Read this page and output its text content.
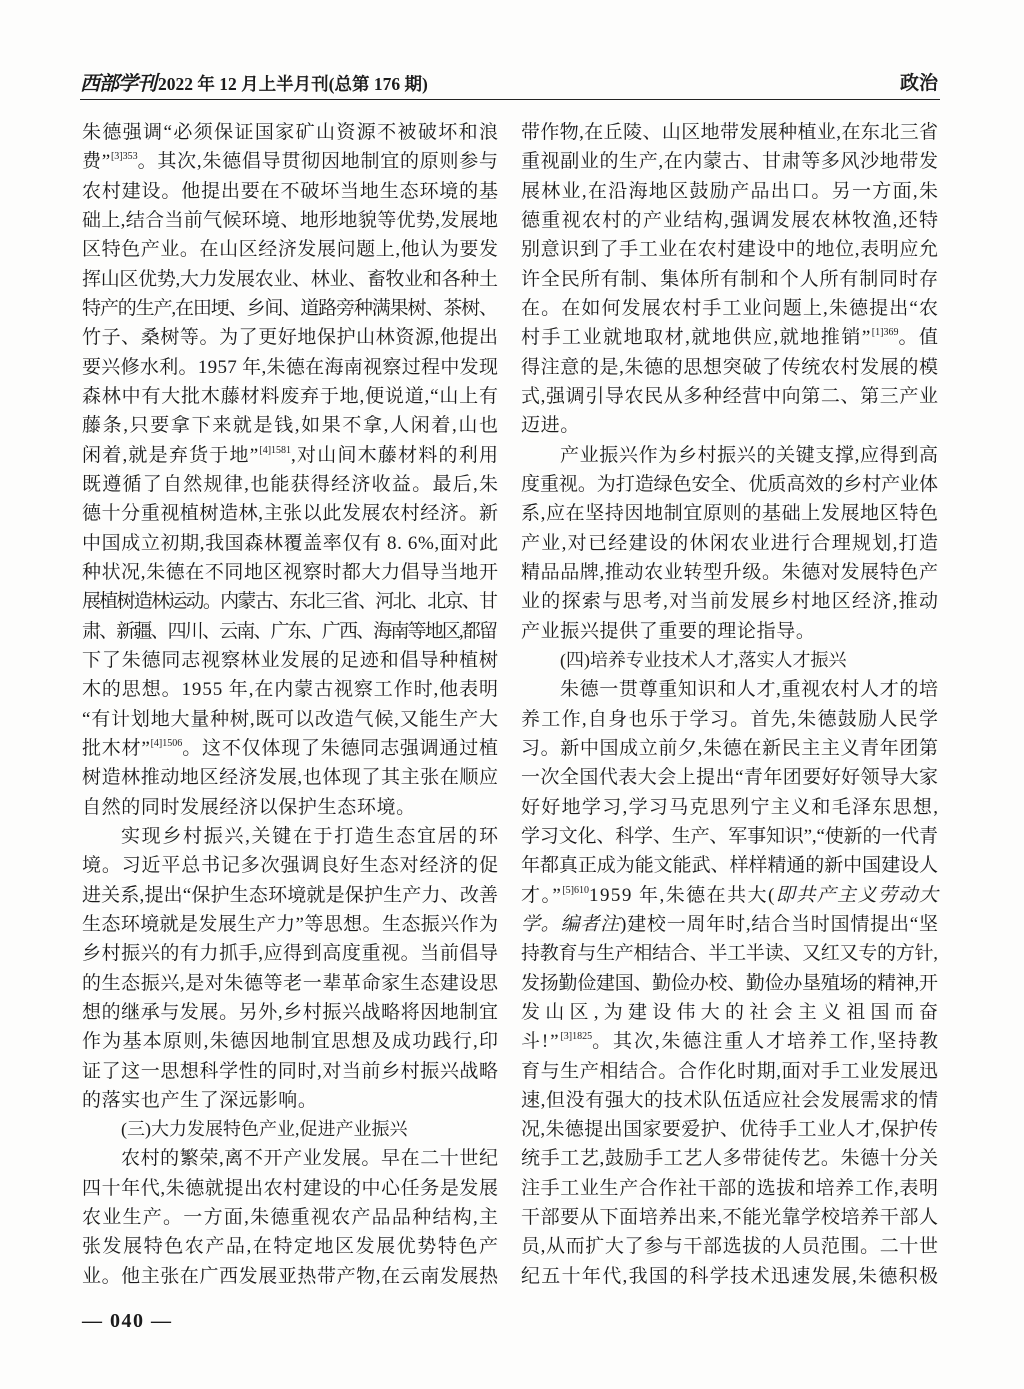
西部学刊 2022 年 12 月上半月刊(总第 176 期)	政治
朱德强调“必须保证国家矿山资源不被破坏和浪
费”$^{[3]353}$。其次,朱德倡导贯彻因地制宜的原则参与
农村建设。他提出要在不破坏当地生态环境的基
础上,结合当前气候环境、地形地貌等优势,发展地
区特色产业。在山区经济发展问题上,他认为要发
挥山区优势,大力发展农业、林业、畜牧业和各种土
特产的生产,在田埂、乡间、道路旁种满果树、茶树、
竹子、桑树等。为了更好地保护山林资源,他提出
要兴修水利。1957 年,朱德在海南视察过程中发现
森林中有大批木藤材料废弃于地,便说道,“山上有
藤条,只要拿下来就是钱,如果不拿,人闲着,山也
闲着,就是弃货于地”$^{[4]1581}$,对山间木藤材料的利用
既遵循了自然规律,也能获得经济收益。最后,朱
德十分重视植树造林,主张以此发展农村经济。新
中国成立初期,我国森林覆盖率仅有 8. 6%,面对此
种状况,朱德在不同地区视察时都大力倡导当地开
展植树造林运动。内蒙古、东北三省、河北、北京、甘
肃、新疆、四川、云南、广东、广西、海南等地区,都留
下了朱德同志视察林业发展的足迹和倡导种植树
木的思想。1955 年,在内蒙古视察工作时,他表明
“有计划地大量种树,既可以改造气候,又能生产大
批木材”$^{[4]1506}$。这不仅体现了朱德同志强调通过植
树造林推动地区经济发展,也体现了其主张在顺应
自然的同时发展经济以保护生态环境。
实现乡村振兴,关键在于打造生态宜居的环
境。习近平总书记多次强调良好生态对经济的促
进关系,提出“保护生态环境就是保护生产力、改善
生态环境就是发展生产力”等思想。生态振兴作为
乡村振兴的有力抓手,应得到高度重视。当前倡导
的生态振兴,是对朱德等老一辈革命家生态建设思
想的继承与发展。另外,乡村振兴战略将因地制宜
作为基本原则,朱德因地制宜思想及成功践行,印
证了这一思想科学性的同时,对当前乡村振兴战略
的落实也产生了深远影响。
(三)大力发展特色产业,促进产业振兴
农村的繁荣,离不开产业发展。早在二十世纪
四十年代,朱德就提出农村建设的中心任务是发展
农业生产。一方面,朱德重视农产品品种结构,主
张发展特色农产品,在特定地区发展优势特色产
业。他主张在广西发展亚热带产物,在云南发展热
带作物,在丘陵、山区地带发展种植业,在东北三省
重视副业的生产,在内蒙古、甘肃等多风沙地带发
展林业,在沿海地区鼓励产品出口。另一方面,朱
德重视农村的产业结构,强调发展农林牧渔,还特
别意识到了手工业在农村建设中的地位,表明应允
许全民所有制、集体所有制和个人所有制同时存
在。在如何发展农村手工业问题上,朱德提出“农
村手工业就地取材,就地供应,就地推销”$^{[1]369}$。值
得注意的是,朱德的思想突破了传统农村发展的模
式,强调引导农民从多种经营中向第二、第三产业
迈进。
产业振兴作为乡村振兴的关键支撑,应得到高
度重视。为打造绿色安全、优质高效的乡村产业体
系,应在坚持因地制宜原则的基础上发展地区特色
产业,对已经建设的休闲农业进行合理规划,打造
精品品牌,推动农业转型升级。朱德对发展特色产
业的探索与思考,对当前发展乡村地区经济,推动
产业振兴提供了重要的理论指导。
(四)培养专业技术人才,落实人才振兴
朱德一贯尊重知识和人才,重视农村人才的培
养工作,自身也乐于学习。首先,朱德鼓励人民学
习。新中国成立前夕,朱德在新民主主义青年团第
一次全国代表大会上提出“青年团要好好领导大家
好好地学习,学习马克思列宁主义和毛泽东思想,
学习文化、科学、生产、军事知识”,“使新的一代青
年都真正成为能文能武、样样精通的新中国建设人
才。”$^{[5]610}$1959 年,朱德在共大(即共产主义劳动大
学。编者注)建校一周年时,结合当时国情提出“坚
持教育与生产相结合、半工半读、又红又专的方针,
发扬勤俭建国、勤俭办校、勤俭办垦殖场的精神,开
发山区,为建设伟大的社会主义祖国而奋
斗!”$^{[3]1825}$。其次,朱德注重人才培养工作,坚持教
育与生产相结合。合作化时期,面对手工业发展迅
速,但没有强大的技术队伍适应社会发展需求的情
况,朱德提出国家要爱护、优待手工业人才,保护传
统手工艺,鼓励手工艺人多带徒传艺。朱德十分关
注手工业生产合作社干部的选拔和培养工作,表明
干部要从下面培养出来,不能光靠学校培养干部人
员,从而扩大了参与干部选拔的人员范围。二十世
纪五十年代,我国的科学技术迅速发展,朱德积极
— 040 —
